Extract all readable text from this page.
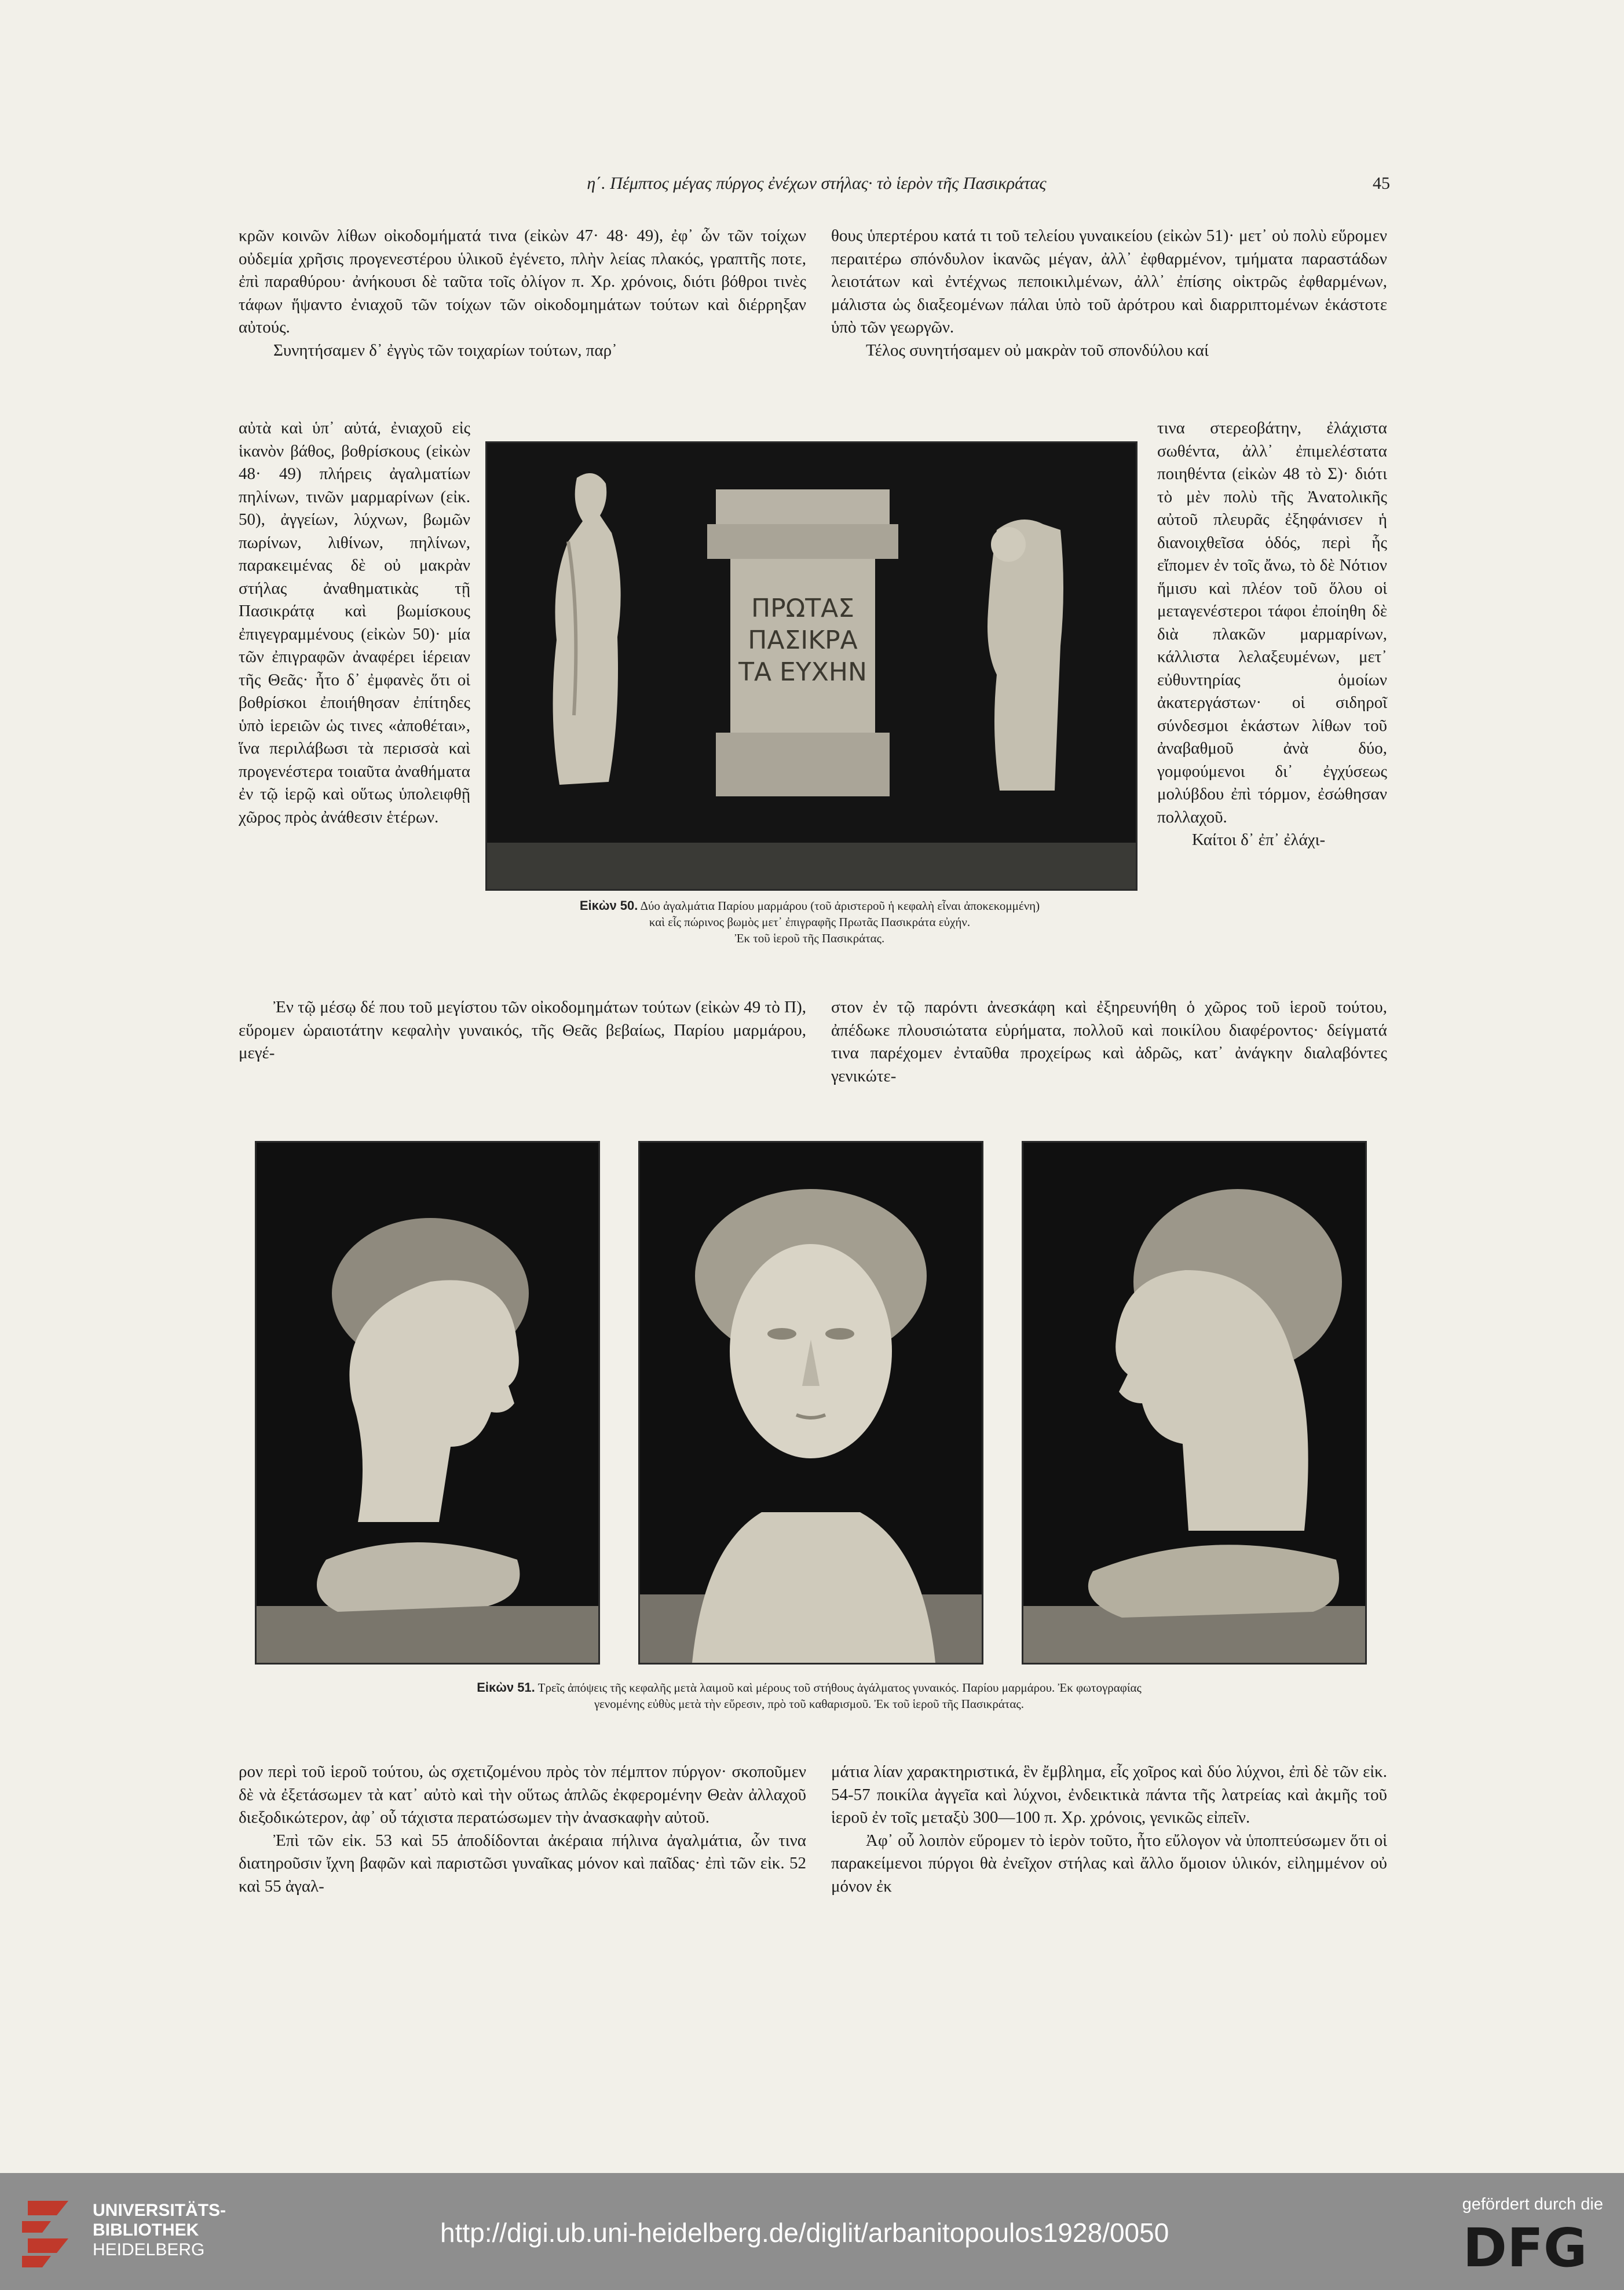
η΄. Πέμπτος μέγας πύργος ἐνέχων στήλας· τὸ ἱερὸν τῆς Πασικράτας	45

κρῶν κοινῶν λίθων οἰκοδομήματά τινα (εἰκὼν 47· 48· 49), ἐφ᾽ ὧν τῶν τοίχων οὐδεμία χρῆσις προγενεστέρου ὑλικοῦ ἐγένετο, πλὴν λείας πλακός, γραπτῆς ποτε, ἐπὶ παραθύρου· ἀνήκουσι δὲ ταῦτα τοῖς ὀλίγον π. Χρ. χρόνοις, διότι βόθροι τινὲς τάφων ἥψαντο ἐνιαχοῦ τῶν τοίχων τῶν οἰκοδομημάτων τούτων καὶ διέρρηξαν αὐτούς.

Συνητήσαμεν δ᾽ ἐγγὺς τῶν τοιχαρίων τούτων, παρ᾽

θους ὑπερτέρου κατά τι τοῦ τελείου γυναικείου (εἰκὼν 51)· μετ᾽ οὐ πολὺ εὕρομεν περαιτέρω σπόνδυλον ἱκανῶς μέγαν, ἀλλ᾽ ἐφθαρμένον, τμήματα παραστάδων λειοτάτων καὶ ἐντέχνως πεποικιλμένων, ἀλλ᾽ ἐπίσης οἰκτρῶς ἐφθαρμένων, μάλιστα ὡς διαξεομένων πάλαι ὑπὸ τοῦ ἀρότρου καὶ διαρριπτομένων ἑκάστοτε ὑπὸ τῶν γεωργῶν.

Τέλος συνητήσαμεν οὐ μακρὰν τοῦ σπονδύλου καί

αὐτὰ καὶ ὑπ᾽ αὐτά, ἐνιαχοῦ εἰς ἱκανὸν βάθος, βοθρίσκους (εἰκὼν 48· 49) πλήρεις ἀγαλματίων πηλίνων, τινῶν μαρμαρίνων (εἰκ. 50), ἀγγείων, λύχνων, βωμῶν πωρίνων, λιθίνων, πηλίνων, παρακειμένας δὲ οὐ μακρὰν στήλας ἀναθηματικὰς τῇ Πασικράτᾳ καὶ βωμίσκους ἐπιγεγραμμένους (εἰκὼν 50)· μία τῶν ἐπιγραφῶν ἀναφέρει ἱέρειαν τῆς Θεᾶς· ἦτο δ᾽ ἐμφανὲς ὅτι οἱ βοθρίσκοι ἐποιήθησαν ἐπίτηδες ὑπὸ ἱερειῶν ὡς τινες «ἀποθέται», ἵνα περιλάβωσι τὰ περισσὰ καὶ προγενέστερα τοιαῦτα ἀναθήματα ἐν τῷ ἱερῷ καὶ οὕτως ὑπολειφθῇ χῶρος πρὸς ἀνάθεσιν ἑτέρων.

τινα στερεοβάτην, ἐλάχιστα σωθέντα, ἀλλ᾽ ἐπιμελέστατα ποιηθέντα (εἰκὼν 48 τὸ Σ)· διότι τὸ μὲν πολὺ τῆς Ἀνατολικῆς αὐτοῦ πλευρᾶς ἐξηφάνισεν ἡ διανοιχθεῖσα ὁδός, περὶ ἧς εἴπομεν ἐν τοῖς ἄνω, τὸ δὲ Νότιον ἥμισυ καὶ πλέον τοῦ ὅλου οἱ μεταγενέστεροι τάφοι ἐποίηθη δὲ διὰ πλακῶν μαρμαρίνων, κάλλιστα λελαξευμένων, μετ᾽ εὐθυντηρίας ὁμοίων ἀκατεργάστων· οἱ σιδηροῖ σύνδεσμοι ἑκάστων λίθων τοῦ ἀναβαθμοῦ ἀνὰ δύο, γομφούμενοι δι᾽ ἐγχύσεως μολύβδου ἐπὶ τόρμον, ἐσώθησαν πολλαχοῦ.

Καίτοι δ᾽ ἐπ᾽ ἐλάχι-

ΠΡΩΤΑΣ
ΠΑΣΙΚΡΑ
ΤΑ ΕΥΧΗΝ
Εἰκὼν 50. Δύο ἀγαλμάτια Παρίου μαρμάρου (τοῦ ἀριστεροῦ ἡ κεφαλὴ εἶναι ἀποκεκομμένη)
καὶ εἷς πώρινος βωμὸς μετ᾽ ἐπιγραφῆς Πρωτᾶς Πασικράτα εὐχήν.
Ἐκ τοῦ ἱεροῦ τῆς Πασικράτας.

Ἐν τῷ μέσῳ δέ που τοῦ μεγίστου τῶν οἰκοδομημάτων τούτων (εἰκὼν 49 τὸ Π), εὕρομεν ὡραιοτάτην κεφαλὴν γυναικός, τῆς Θεᾶς βεβαίως, Παρίου μαρμάρου, μεγέ-

στον ἐν τῷ παρόντι ἀνεσκάφη καὶ ἐξηρευνήθη ὁ χῶρος τοῦ ἱεροῦ τούτου, ἀπέδωκε πλουσιώτατα εὑρήματα, πολλοῦ καὶ ποικίλου διαφέροντος· δείγματά τινα παρέχομεν ἐνταῦθα προχείρως καὶ ἀδρῶς, κατ᾽ ἀνάγκην διαλαβόντες γενικώτε-

Εἰκὼν 51. Τρεῖς ἀπόψεις τῆς κεφαλῆς μετὰ λαιμοῦ καὶ μέρους τοῦ στήθους ἀγάλματος γυναικός. Παρίου μαρμάρου. Ἐκ φωτογραφίας
γενομένης εὐθὺς μετὰ τὴν εὕρεσιν, πρὸ τοῦ καθαρισμοῦ. Ἐκ τοῦ ἱεροῦ τῆς Πασικράτας.

ρον περὶ τοῦ ἱεροῦ τούτου, ὡς σχετιζομένου πρὸς τὸν πέμπτον πύργον· σκοποῦμεν δὲ νὰ ἐξετάσωμεν τὰ κατ᾽ αὐτὸ καὶ τὴν οὕτως ἁπλῶς ἐκφερομένην Θεὰν ἀλλαχοῦ διεξοδικώτερον, ἀφ᾽ οὗ τάχιστα περατώσωμεν τὴν ἀνασκαφὴν αὐτοῦ.

Ἐπὶ τῶν εἰκ. 53 καὶ 55 ἀποδίδονται ἀκέραια πήλινα ἀγαλμάτια, ὧν τινα διατηροῦσιν ἴχνη βαφῶν καὶ παριστῶσι γυναῖκας μόνον καὶ παῖδας· ἐπὶ τῶν εἰκ. 52 καὶ 55 ἀγαλ-

μάτια λίαν χαρακτηριστικά, ἓν ἔμβλημα, εἷς χοῖρος καὶ δύο λύχνοι, ἐπὶ δὲ τῶν εἰκ. 54-57 ποικίλα ἀγγεῖα καὶ λύχνοι, ἐνδεικτικὰ πάντα τῆς λατρείας καὶ ἀκμῆς τοῦ ἱεροῦ ἐν τοῖς μεταξὺ 300—100 π. Χρ. χρόνοις, γενικῶς εἰπεῖν.

Ἀφ᾽ οὗ λοιπὸν εὕρομεν τὸ ἱερὸν τοῦτο, ἦτο εὔλογον νὰ ὑποπτεύσωμεν ὅτι οἱ παρακείμενοι πύργοι θὰ ἐνεῖχον στήλας καὶ ἄλλο ὅμοιον ὑλικόν, εἰλημμένον οὐ μόνον ἐκ

UNIVERSITÄTS-
BIBLIOTHEK
HEIDELBERG
http://digi.ub.uni-heidelberg.de/diglit/arbanitopoulos1928/0050
gefördert durch die
DFG
